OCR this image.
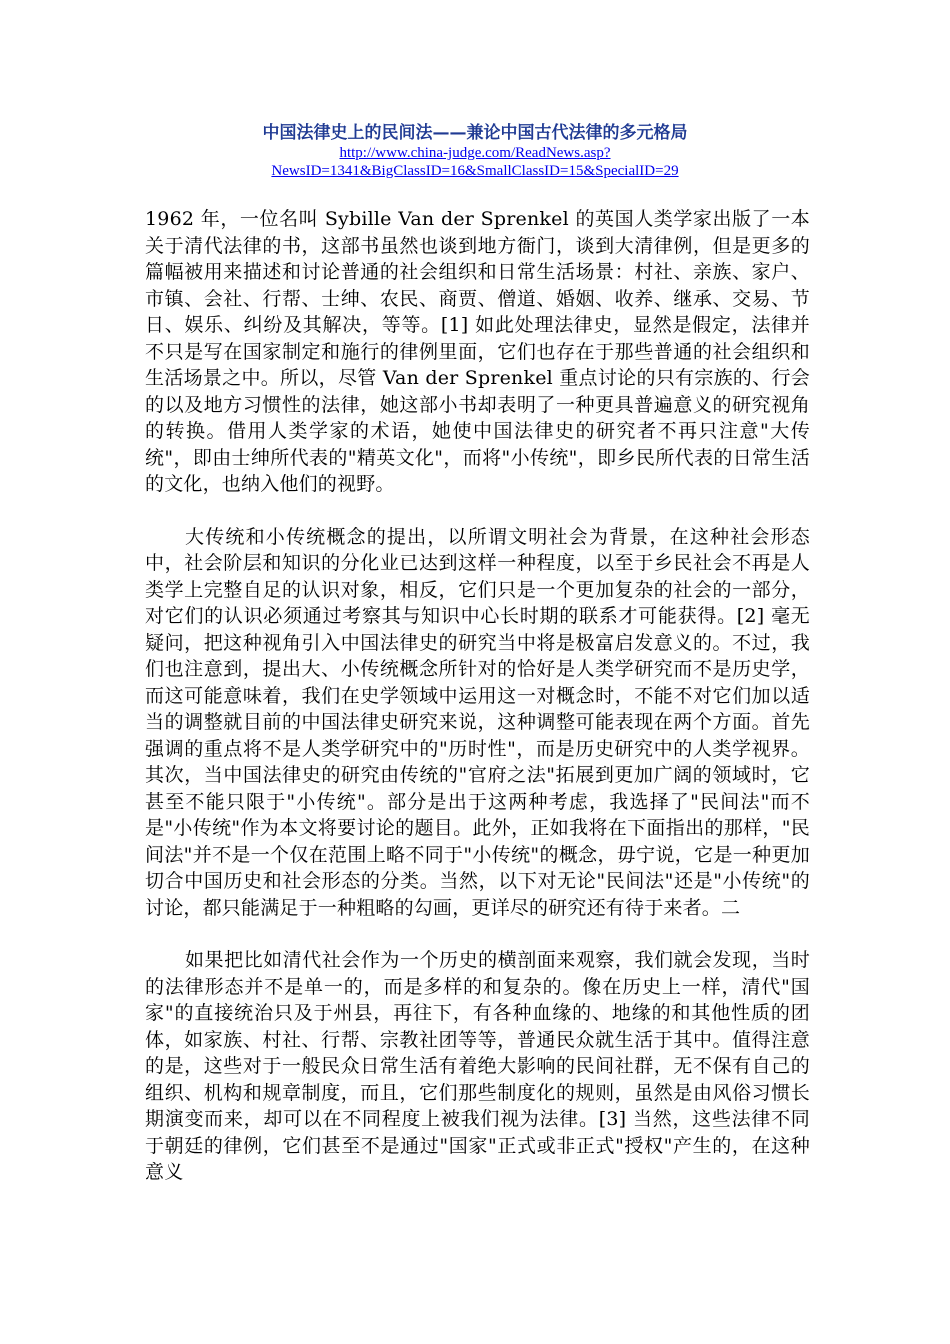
中国法律史上的民间法——兼论中国古代法律的多元格局
http://www.china-judge.com/ReadNews.asp?
NewsID=1341&BigClassID=16&SmallClassID=15&SpecialID=29

1962 年，一位名叫 Sybille Van der Sprenkel 的英国人类学家出版了一本关于清代法律的书，这部书虽然也谈到地方衙门，谈到大清律例，但是更多的篇幅被用来描述和讨论普通的社会组织和日常生活场景：村社、亲族、家户、市镇、会社、行帮、士绅、农民、商贾、僧道、婚姻、收养、继承、交易、节日、娱乐、纠纷及其解决，等等。[1] 如此处理法律史，显然是假定，法律并不只是写在国家制定和施行的律例里面，它们也存在于那些普通的社会组织和生活场景之中。所以，尽管 Van der Sprenkel 重点讨论的只有宗族的、行会的以及地方习惯性的法律，她这部小书却表明了一种更具普遍意义的研究视角的转换。借用人类学家的术语，她使中国法律史的研究者不再只注意"大传统"，即由士绅所代表的"精英文化"，而将"小传统"，即乡民所代表的日常生活的文化，也纳入他们的视野。

大传统和小传统概念的提出，以所谓文明社会为背景，在这种社会形态中，社会阶层和知识的分化业已达到这样一种程度，以至于乡民社会不再是人类学上完整自足的认识对象，相反，它们只是一个更加复杂的社会的一部分，对它们的认识必须通过考察其与知识中心长时期的联系才可能获得。[2] 毫无疑问，把这种视角引入中国法律史的研究当中将是极富启发意义的。不过，我们也注意到，提出大、小传统概念所针对的恰好是人类学研究而不是历史学，而这可能意味着，我们在史学领域中运用这一对概念时，不能不对它们加以适当的调整就目前的中国法律史研究来说，这种调整可能表现在两个方面。首先强调的重点将不是人类学研究中的"历时性"，而是历史研究中的人类学视界。其次，当中国法律史的研究由传统的"官府之法"拓展到更加广阔的领域时，它甚至不能只限于"小传统"。部分是出于这两种考虑，我选择了"民间法"而不是"小传统"作为本文将要讨论的题目。此外，正如我将在下面指出的那样，"民间法"并不是一个仅在范围上略不同于"小传统"的概念，毋宁说，它是一种更加切合中国历史和社会形态的分类。当然，以下对无论"民间法"还是"小传统"的讨论，都只能满足于一种粗略的勾画，更详尽的研究还有待于来者。二

如果把比如清代社会作为一个历史的横剖面来观察，我们就会发现，当时的法律形态并不是单一的，而是多样的和复杂的。像在历史上一样，清代"国家"的直接统治只及于州县，再往下，有各种血缘的、地缘的和其他性质的团体，如家族、村社、行帮、宗教社团等等，普通民众就生活于其中。值得注意的是，这些对于一般民众日常生活有着绝大影响的民间社群，无不保有自己的组织、机构和规章制度，而且，它们那些制度化的规则，虽然是由风俗习惯长期演变而来，却可以在不同程度上被我们视为法律。[3] 当然，这些法律不同于朝廷的律例，它们甚至不是通过"国家"正式或非正式"授权"产生的，在这种意义
